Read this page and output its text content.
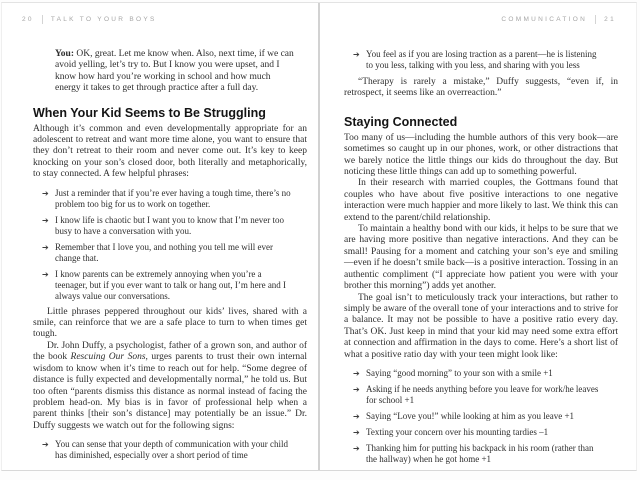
20	TALK TO YOUR BOYS

You: OK, great. Let me know when. Also, next time, if we can avoid yelling, let’s try to. But I know you were upset, and I know how hard you’re working in school and how much energy it takes to get through practice after a full day.

When Your Kid Seems to Be Struggling

Although it’s common and even developmentally appropriate for an adolescent to retreat and want more time alone, you want to ensure that they don’t retreat to their room and never come out. It’s key to keep knocking on your son’s closed door, both literally and metaphorically, to stay connected. A few helpful phrases:

➔ Just a reminder that if you’re ever having a tough time, there’s no problem too big for us to work on together.
➔ I know life is chaotic but I want you to know that I’m never too busy to have a conversation with you.
➔ Remember that I love you, and nothing you tell me will ever change that.
➔ I know parents can be extremely annoying when you’re a teenager, but if you ever want to talk or hang out, I’m here and I always value our conversations.

Little phrases peppered throughout our kids’ lives, shared with a smile, can reinforce that we are a safe place to turn to when times get tough.

Dr. John Duffy, a psychologist, father of a grown son, and author of the book Rescuing Our Sons, urges parents to trust their own internal wisdom to know when it’s time to reach out for help. “Some degree of distance is fully expected and developmentally normal,” he told us. But too often “parents dismiss this distance as normal instead of facing the problem head-on. My bias is in favor of professional help when a parent thinks [their son’s distance] may potentially be an issue.” Dr. Duffy suggests we watch out for the following signs:

➔ You can sense that your depth of communication with your child has diminished, especially over a short period of time
COMMUNICATION	21
➔ You feel as if you are losing traction as a parent—he is listening to you less, talking with you less, and sharing with you less

“Therapy is rarely a mistake,” Duffy suggests, “even if, in retrospect, it seems like an overreaction.”

Staying Connected

Too many of us—including the humble authors of this very book—are sometimes so caught up in our phones, work, or other distractions that we barely notice the little things our kids do throughout the day. But noticing these little things can add up to something powerful.

In their research with married couples, the Gottmans found that couples who have about five positive interactions to one negative interaction were much happier and more likely to last. We think this can extend to the parent/child relationship.

To maintain a healthy bond with our kids, it helps to be sure that we are having more positive than negative interactions. And they can be small! Pausing for a moment and catching your son’s eye and smiling—even if he doesn’t smile back—is a positive interaction. Tossing in an authentic compliment (“I appreciate how patient you were with your brother this morning”) adds yet another.

The goal isn’t to meticulously track your interactions, but rather to simply be aware of the overall tone of your interactions and to strive for a balance. It may not be possible to have a positive ratio every day. That’s OK. Just keep in mind that your kid may need some extra effort at connection and affirmation in the days to come. Here’s a short list of what a positive ratio day with your teen might look like:

➔ Saying “good morning” to your son with a smile +1
➔ Asking if he needs anything before you leave for work/he leaves for school +1
➔ Saying “Love you!” while looking at him as you leave +1
➔ Texting your concern over his mounting tardies –1
➔ Thanking him for putting his backpack in his room (rather than the hallway) when he got home +1
